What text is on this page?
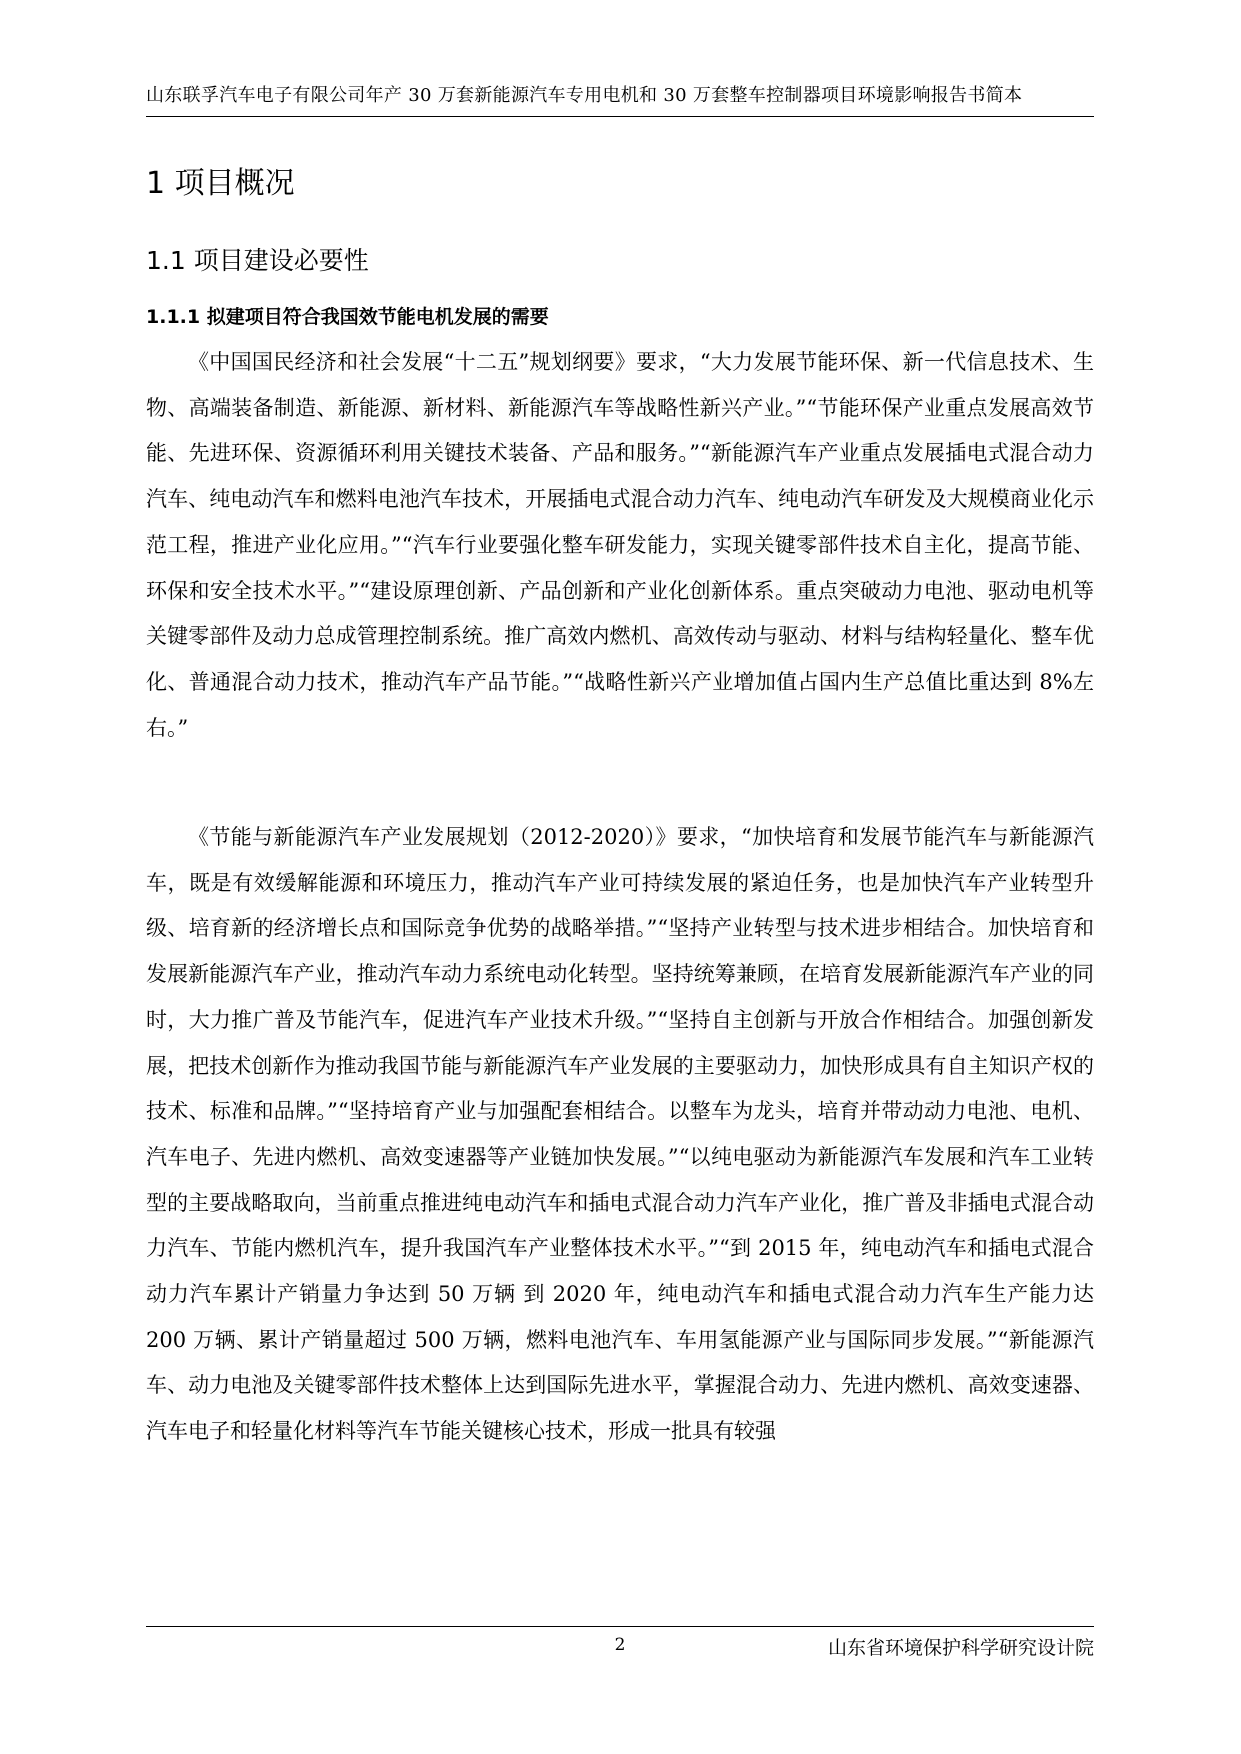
山东联孚汽车电子有限公司年产 30 万套新能源汽车专用电机和 30 万套整车控制器项目环境影响报告书简本
1 项目概况
1.1 项目建设必要性
1.1.1 拟建项目符合我国效节能电机发展的需要

《中国国民经济和社会发展“十二五”规划纲要》要求，“大力发展节能环保、新一代信息技术、生物、高端装备制造、新能源、新材料、新能源汽车等战略性新兴产业。”“节能环保产业重点发展高效节能、先进环保、资源循环利用关键技术装备、产品和服务。”“新能源汽车产业重点发展插电式混合动力汽车、纯电动汽车和燃料电池汽车技术，开展插电式混合动力汽车、纯电动汽车研发及大规模商业化示范工程，推进产业化应用。”“汽车行业要强化整车研发能力，实现关键零部件技术自主化，提高节能、环保和安全技术水平。”“建设原理创新、产品创新和产业化创新体系。重点突破动力电池、驱动电机等关键零部件及动力总成管理控制系统。推广高效内燃机、高效传动与驱动、材料与结构轻量化、整车优化、普通混合动力技术，推动汽车产品节能。”“战略性新兴产业增加值占国内生产总值比重达到 8%左右。”

《节能与新能源汽车产业发展规划（2012-2020）》要求，“加快培育和发展节能汽车与新能源汽车，既是有效缓解能源和环境压力，推动汽车产业可持续发展的紧迫任务，也是加快汽车产业转型升级、培育新的经济增长点和国际竞争优势的战略举措。”“坚持产业转型与技术进步相结合。加快培育和发展新能源汽车产业，推动汽车动力系统电动化转型。坚持统筹兼顾，在培育发展新能源汽车产业的同时，大力推广普及节能汽车，促进汽车产业技术升级。”“坚持自主创新与开放合作相结合。加强创新发展，把技术创新作为推动我国节能与新能源汽车产业发展的主要驱动力，加快形成具有自主知识产权的技术、标准和品牌。”“坚持培育产业与加强配套相结合。以整车为龙头，培育并带动动力电池、电机、汽车电子、先进内燃机、高效变速器等产业链加快发展。”“以纯电驱动为新能源汽车发展和汽车工业转型的主要战略取向，当前重点推进纯电动汽车和插电式混合动力汽车产业化，推广普及非插电式混合动力汽车、节能内燃机汽车，提升我国汽车产业整体技术水平。”“到 2015 年，纯电动汽车和插电式混合动力汽车累计产销量力争达到 50 万辆 到 2020 年，纯电动汽车和插电式混合动力汽车生产能力达 200 万辆、累计产销量超过 500 万辆，燃料电池汽车、车用氢能源产业与国际同步发展。”“新能源汽车、动力电池及关键零部件技术整体上达到国际先进水平，掌握混合动力、先进内燃机、高效变速器、汽车电子和轻量化材料等汽车节能关键核心技术，形成一批具有较强

2	山东省环境保护科学研究设计院
